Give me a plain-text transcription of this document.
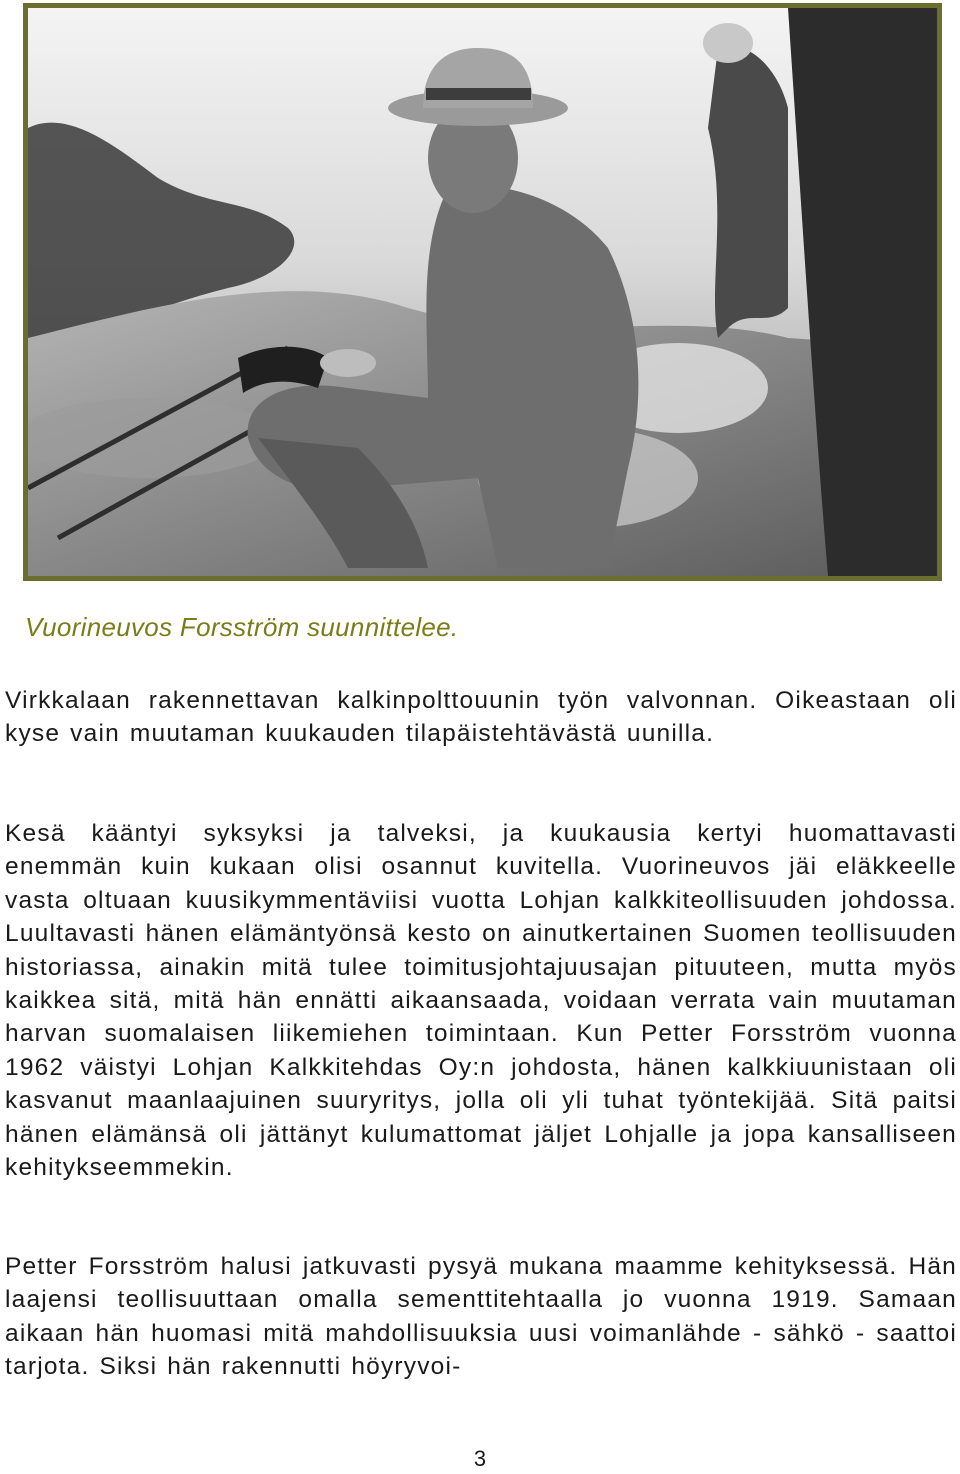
Vuorineuvos Forsström suunnittelee.

Virkkalaan rakennettavan kalkinpolttouunin työn valvonnan. Oikeastaan oli kyse vain muutaman kuukauden tilapäistehtävästä uunilla.

Kesä kääntyi syksyksi ja talveksi, ja kuukausia kertyi huomattavasti enemmän kuin kukaan olisi osannut kuvitella. Vuorineuvos jäi eläkkeelle vasta oltuaan kuusikymmentäviisi vuotta Lohjan kalkkiteollisuuden johdossa. Luultavasti hänen elämäntyönsä kesto on ainutkertainen Suomen teollisuuden historiassa, ainakin mitä tulee toimitusjohtajuusajan pituuteen, mutta myös kaikkea sitä, mitä hän ennätti aikaansaada, voidaan verrata vain muutaman harvan suomalaisen liikemiehen toimintaan. Kun Petter Forsström vuonna 1962 väistyi Lohjan Kalkkitehdas Oy:n johdosta, hänen kalkkiuunistaan oli kasvanut maanlaajuinen suuryritys, jolla oli yli tuhat työntekijää. Sitä paitsi hänen elämänsä oli jättänyt kulumattomat jäljet Lohjalle ja jopa kansalliseen kehitykseemmekin.

Petter Forsström halusi jatkuvasti pysyä mukana maamme kehityksessä. Hän laajensi teollisuuttaan omalla sementtitehtaalla jo vuonna 1919. Samaan aikaan hän huomasi mitä mahdollisuuksia uusi voimanlähde - sähkö - saattoi tarjota. Siksi hän rakennutti höyryvoi-

3
